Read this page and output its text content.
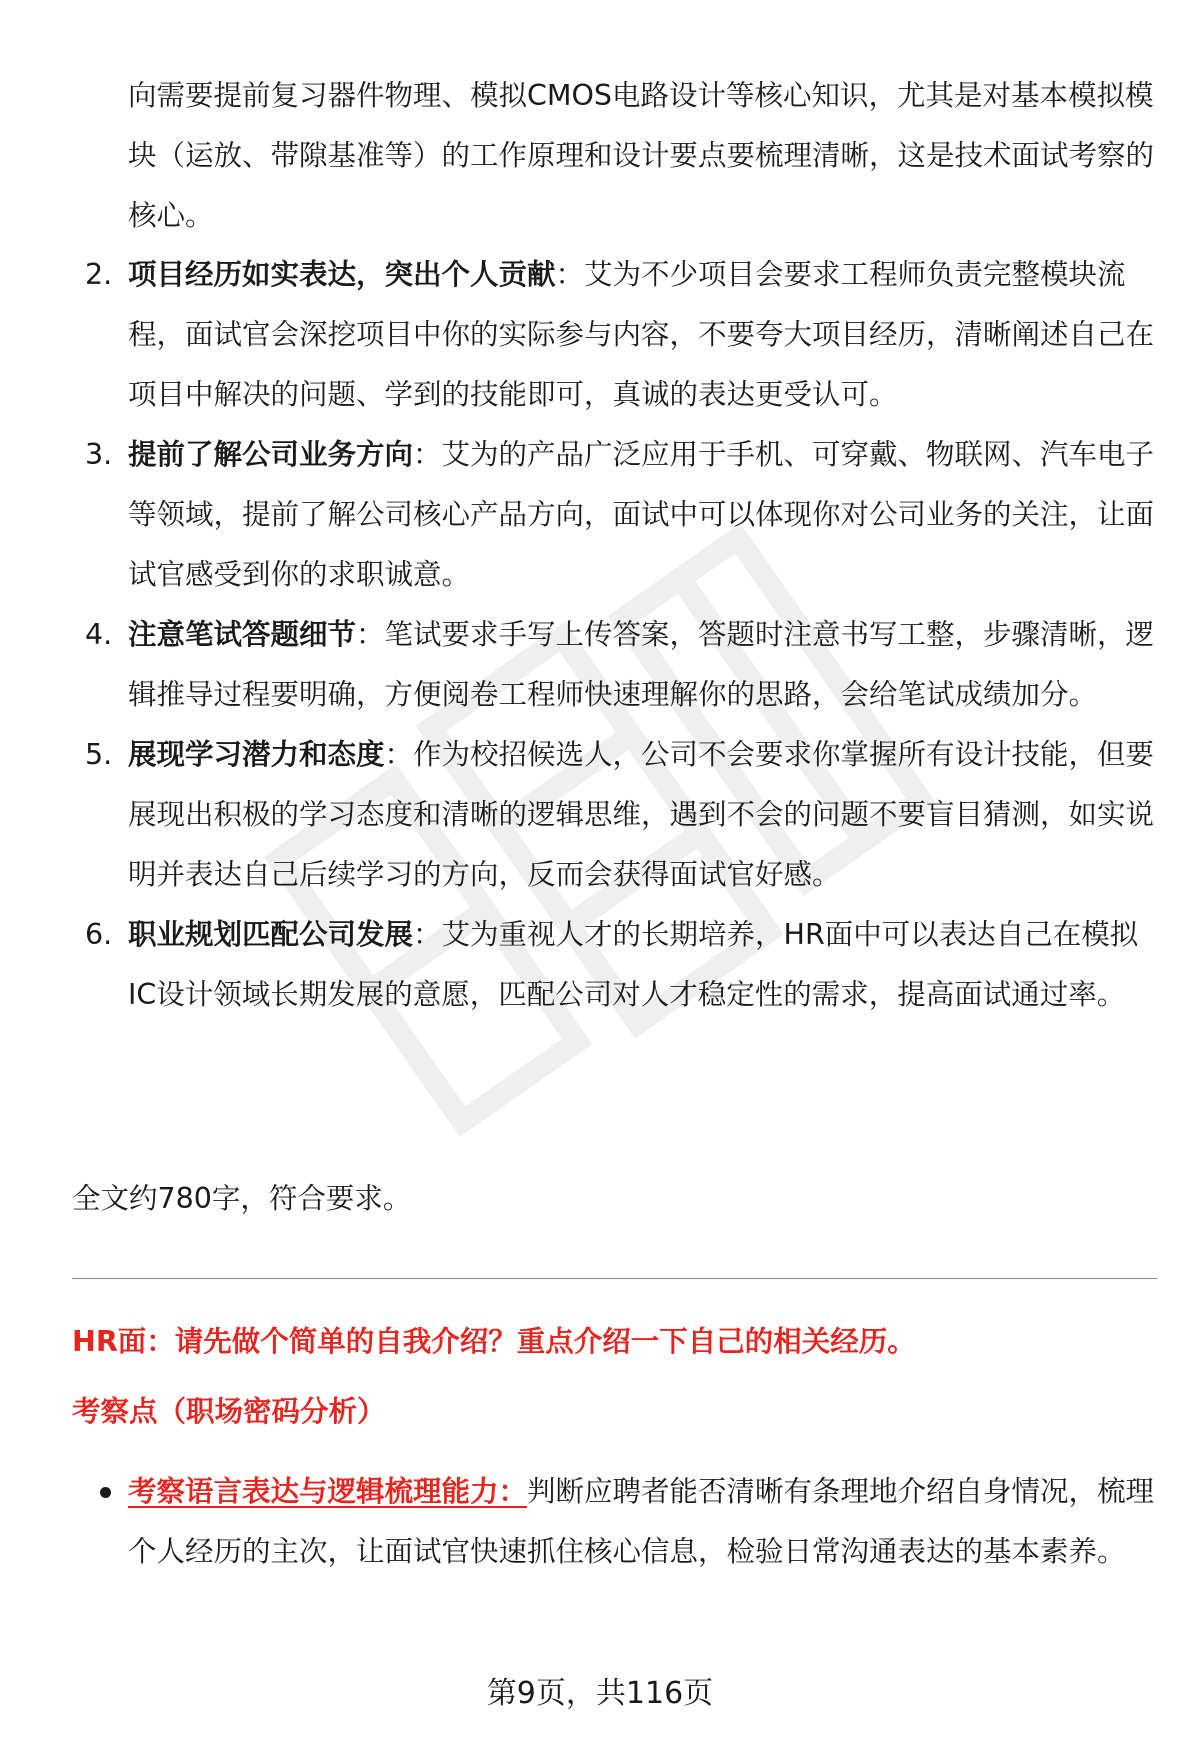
向需要提前复习器件物理、模拟CMOS电路设计等核心知识，尤其是对基本模拟模块（运放、带隙基准等）的工作原理和设计要点要梳理清晰，这是技术面试考察的核心。
2. 项目经历如实表达，突出个人贡献：艾为不少项目会要求工程师负责完整模块流程，面试官会深挖项目中你的实际参与内容，不要夸大项目经历，清晰阐述自己在项目中解决的问题、学到的技能即可，真诚的表达更受认可。
3. 提前了解公司业务方向：艾为的产品广泛应用于手机、可穿戴、物联网、汽车电子等领域，提前了解公司核心产品方向，面试中可以体现你对公司业务的关注，让面试官感受到你的求职诚意。
4. 注意笔试答题细节：笔试要求手写上传答案，答题时注意书写工整，步骤清晰，逻辑推导过程要明确，方便阅卷工程师快速理解你的思路，会给笔试成绩加分。
5. 展现学习潜力和态度：作为校招候选人，公司不会要求你掌握所有设计技能，但要展现出积极的学习态度和清晰的逻辑思维，遇到不会的问题不要盲目猜测，如实说明并表达自己后续学习的方向，反而会获得面试官好感。
6. 职业规划匹配公司发展：艾为重视人才的长期培养，HR面中可以表达自己在模拟IC设计领域长期发展的意愿，匹配公司对人才稳定性的需求，提高面试通过率。
全文约780字，符合要求。
HR面：请先做个简单的自我介绍？重点介绍一下自己的相关经历。
考察点（职场密码分析）
考察语言表达与逻辑梳理能力：判断应聘者能否清晰有条理地介绍自身情况，梳理个人经历的主次，让面试官快速抓住核心信息，检验日常沟通表达的基本素养。
第9页，共116页
